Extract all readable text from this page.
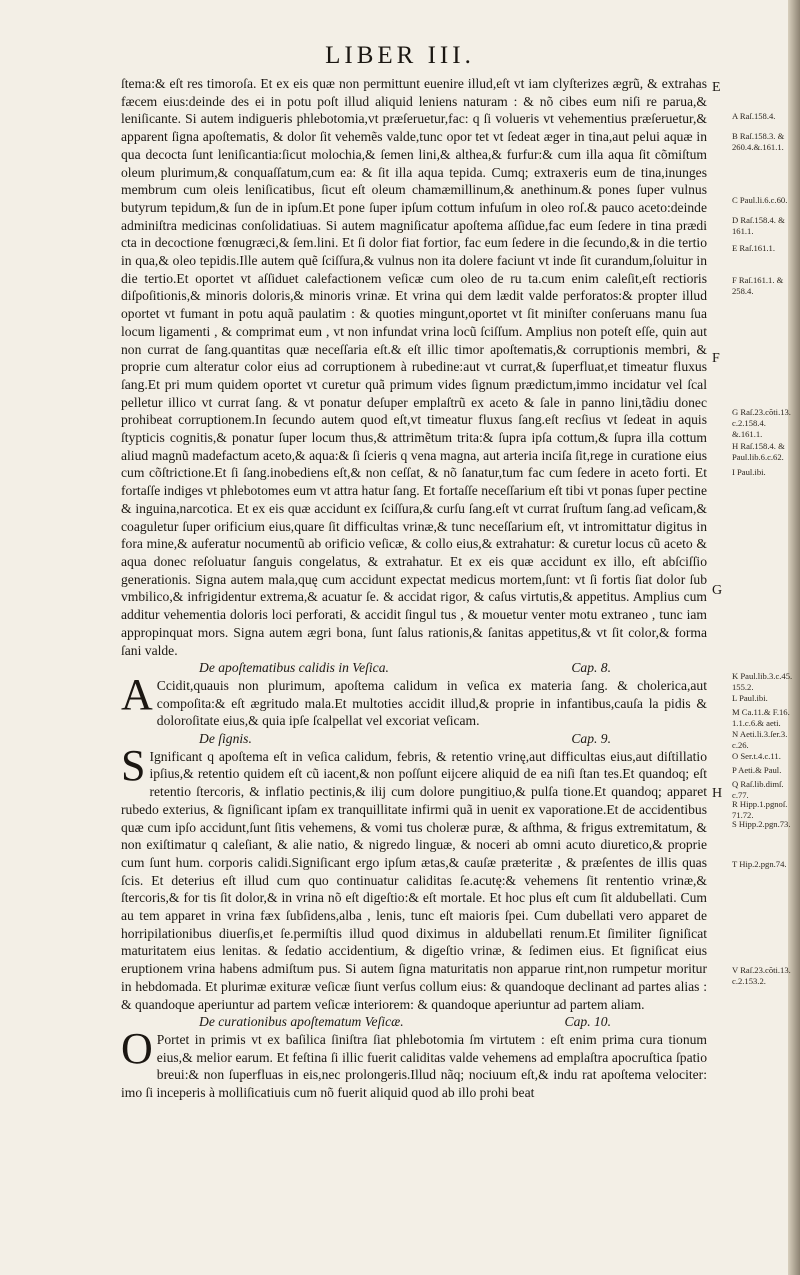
LIBER III.

ſtema:& eſt res timoroſa. Et ex eis quæ non permittunt euenire illud,eſt vt iam clyſterizes ægrũ, & extrahas fæcem eius:deinde des ei in potu poſt illud aliquid leniens naturam : & nõ cibes eum niſi re parua,& leniſicante. Si autem indigueris phlebotomia,vt præſeruetur,fac: q ſi volueris vt vehementius præſeruetur,& apparent ſigna apoſtematis, & dolor ſit vehemẽs valde,tunc opor tet vt ſedeat æger in tina,aut pelui aquæ in qua decocta ſunt leniſicantia:ſicut molochia,& ſemen lini,& althea,& furfur:& cum illa aqua ſit cõmiſtum oleum plurimum,& conquaſſatum,cum ea: & ſit illa aqua tepida. Cumq; extraxeris eum de tina,inunges membrum cum oleis leniſicatibus, ſicut eſt oleum chamæmillinum,& anethinum.& pones ſuper vulnus butyrum tepidum,& ſun de in ipſum.Et pone ſuper ipſum cottum infuſum in oleo roſ.& pauco aceto:deinde adminiſtra medicinas conſolidatiuas. Si autem magniſicatur apoſtema aſſidue,fac eum ſedere in tina prædi cta in decoctione fœnugræci,& ſem.lini. Et ſi dolor fiat fortior, fac eum ſedere in die ſecundo,& in die tertio in qua,& oleo tepidis.Ille autem quẽ ſciſſura,& vulnus non ita dolere faciunt vt inde ſit curandum,ſoluitur in die tertio.Et oportet vt aſſiduet calefactionem veſicæ cum oleo de ru ta.cum enim caleſit,eſt rectioris diſpoſitionis,& minoris doloris,& minoris vrinæ. Et vrina qui dem lædit valde perforatos:& propter illud oportet vt fumant in potu aquã paulatim : & quoties mingunt,oportet vt ſit miniſter conſeruans manu ſua locum ligamenti , & comprimat eum , vt non infundat vrina locũ ſciſſum. Amplius non poteſt eſſe, quin aut non currat de ſang.quantitas quæ neceſſaria eſt.& eſt illic timor apoſtematis,& corruptionis membri, & proprie cum alteratur color eius ad corruptionem à rubedine:aut vt currat,& ſuperfluat,et timeatur fluxus ſang.Et pri mum quidem oportet vt curetur quã primum vides ſignum prædictum,immo incidatur vel ſcal pelletur illico vt currat ſang. & vt ponatur deſuper emplaſtrũ ex aceto & ſale in panno lini,tãdiu donec prohibeat corruptionem.In ſecundo autem quod eſt,vt timeatur fluxus ſang.eſt recſius vt ſedeat in aquis ſtypticis cognitis,& ponatur ſuper locum thus,& attrimẽtum trita:& ſupra ipſa cottum,& ſupra illa cottum aliud magnũ madefactum aceto,& aqua:& ſi ſcieris q vena magna, aut arteria inciſa ſit,rege in curatione eius cum cõſtrictione.Et ſi ſang.inobediens eſt,& non ceſſat, & nõ ſanatur,tum fac cum ſedere in aceto forti. Et fortaſſe indiges vt phlebotomes eum vt attra hatur ſang. Et fortaſſe neceſſarium eſt tibi vt ponas ſuper pectine & inguina,narcotica. Et ex eis quæ accidunt ex ſciſſura,& curſu ſang.eſt vt currat ſruſtum ſang.ad veſicam,& coaguletur ſuper orificium eius,quare ſit difficultas vrinæ,& tunc neceſſarium eſt, vt intromittatur digitus in fora mine,& auferatur nocumentũ ab orificio veſicæ, & collo eius,& extrahatur: & curetur locus cũ aceto & aqua donec reſoluatur ſanguis congelatus, & extrahatur. Et ex eis quæ accidunt ex illo, eſt abſciſſio generationis. Signa autem mala,quę cum accidunt expectat medicus mortem,ſunt: vt ſi fortis ſiat dolor ſub vmbilico,& infrigidentur extrema,& acuatur ſe. & accidat rigor, & caſus virtutis,& appetitus. Amplius cum additur vehementia doloris loci perforati, & accidit ſingul tus , & mouetur venter motu extraneo , tunc iam appropinquat mors. Signa autem ægri bona, ſunt ſalus rationis,& ſanitas appetitus,& vt ſit color,& forma ſani valde.

De apoſtematibus calidis in Veſica.	Cap. 8.

A Ccidit,quauis non plurimum, apoſtema calidum in veſica ex materia ſang. & cholerica,aut compoſita:& eſt ægritudo mala.Et multoties accidit illud,& proprie in infantibus,cauſa la pidis & doloroſitate eius,& quia ipſe ſcalpellat vel excoriat veſicam.

De ſignis.	Cap. 9.

S Ignificant q apoſtema eſt in veſica calidum, febris, & retentio vrinę,aut difficultas eius,aut diſtillatio ipſius,& retentio quidem eſt cũ iacent,& non poſſunt eijcere aliquid de ea niſi ſtan tes.Et quandoq; eſt retentio ſtercoris, & inflatio pectinis,& ilij cum dolore pungitiuo,& pulſa tione.Et quandoq; apparet rubedo exterius, & ſigniſicant ipſam ex tranquillitate infirmi quã in uenit ex vaporatione.Et de accidentibus quæ cum ipſo accidunt,ſunt ſitis vehemens, & vomi tus choleræ puræ, & aſthma, & frigus extremitatum, & non exiſtimatur q caleſiant, & alie natio, & nigredo linguæ, & noceri ab omni acuto diuretico,& proprie cum ſunt hum. corporis calidi.Signiſicant ergo ipſum ætas,& cauſæ præteritæ , & præſentes de illis quas ſcis. Et deterius eſt illud cum quo continuatur caliditas ſe.acutę:& vehemens ſit rententio vrinæ,& ſtercoris,& for tis ſit dolor,& in vrina nõ eſt digeſtio:& eſt mortale. Et hoc plus eſt cum ſit aldubellati. Cum au tem apparet in vrina fæx ſubſidens,alba , lenis, tunc eſt maioris ſpei. Cum dubellati vero apparet de horripilationibus diuerſis,et ſe.permiſtis illud quod diximus in aldubellati renum.Et ſimiliter ſigniſicat maturitatem eius lenitas. & ſedatio accidentium, & digeſtio vrinæ, & ſedimen eius. Et ſigniſicat eius eruptionem vrina habens admiſtum pus. Si autem ſigna maturitatis non apparue rint,non rumpetur moritur in hebdomada. Et plurimæ exituræ veſicæ ſiunt verſus collum eius: & quandoque declinant ad partes alias : & quandoque aperiuntur ad partem veſicæ interiorem: & quandoque aperiuntur ad partem aliam.

De curationibus apoſtematum Veſicæ.	Cap. 10.

O Portet in primis vt ex baſilica ſiniſtra ſiat phlebotomia ſm virtutem : eſt enim prima cura tionum eius,& melior earum. Et feſtina ſi illic fuerit caliditas valde vehemens ad emplaſtra apocruſtica ſpatio breui:& non ſuperfluas in eis,nec prolongeris.Illud nãq; nociuum eſt,& indu rat apoſtema velociter: imo ſi inceperis à molliſicatiuis cum nõ fuerit aliquid quod ab illo prohi beat

E
F
G
H
A Raſ.158.4.
B Raſ.158.3. & 260.4.&.161.1.
C Paul.li.6.c.60.
D Raſ.158.4. & 161.1.
E Raſ.161.1.
F Raſ.161.1. & 258.4.
G Raſ.23.cõti.13. c.2.158.4. &.161.1.
H Raſ.158.4. & Paul.lib.6.c.62.
I Paul.ibi.
K Paul.lib.3.c.45. 155.2.
L Paul.ibi.
M Ca.11.& F.16. 1.1.c.6.& aeti.
N Aeti.li.3.ſer.3. c.26.
O Ser.t.4.c.11.
P Aeti.& Paul.
Q Raſ.lib.dimſ. c.77.
R Hipp.1.pgnoſ. 71.72.
S Hipp.2.pgn.73.
T Hip.2.pgn.74.
V Raſ.23.cõti.13. c.2.153.2.
